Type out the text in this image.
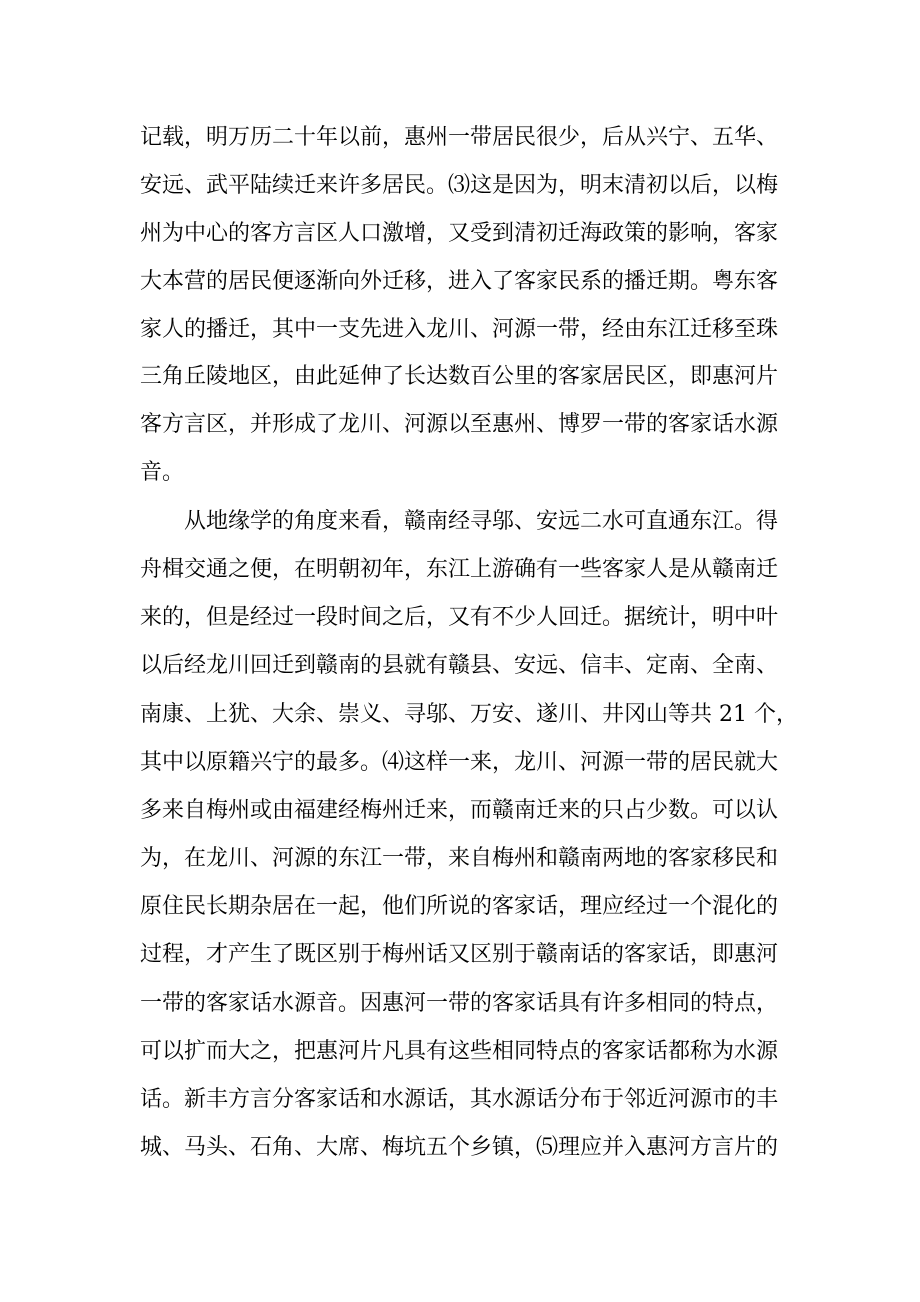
记载，明万历二十年以前，惠州一带居民很少，后从兴宁、五华、
安远、武平陆续迁来许多居民。⑶这是因为，明末清初以后，以梅
州为中心的客方言区人口激增，又受到清初迁海政策的影响，客家
大本营的居民便逐渐向外迁移，进入了客家民系的播迁期。粤东客
家人的播迁，其中一支先进入龙川、河源一带，经由东江迁移至珠
三角丘陵地区，由此延伸了长达数百公里的客家居民区，即惠河片
客方言区，并形成了龙川、河源以至惠州、博罗一带的客家话水源
音。
从地缘学的角度来看，赣南经寻邬、安远二水可直通东江。得
舟楫交通之便，在明朝初年，东江上游确有一些客家人是从赣南迁
来的，但是经过一段时间之后，又有不少人回迁。据统计，明中叶
以后经龙川回迁到赣南的县就有赣县、安远、信丰、定南、全南、
南康、上犹、大余、崇义、寻邬、万安、遂川、井冈山等共 21 个，
其中以原籍兴宁的最多。⑷这样一来，龙川、河源一带的居民就大
多来自梅州或由福建经梅州迁来，而赣南迁来的只占少数。可以认
为，在龙川、河源的东江一带，来自梅州和赣南两地的客家移民和
原住民长期杂居在一起，他们所说的客家话，理应经过一个混化的
过程，才产生了既区别于梅州话又区别于赣南话的客家话，即惠河
一带的客家话水源音。因惠河一带的客家话具有许多相同的特点，
可以扩而大之，把惠河片凡具有这些相同特点的客家话都称为水源
话。新丰方言分客家话和水源话，其水源话分布于邻近河源市的丰
城、马头、石角、大席、梅坑五个乡镇，⑸理应并入惠河方言片的
